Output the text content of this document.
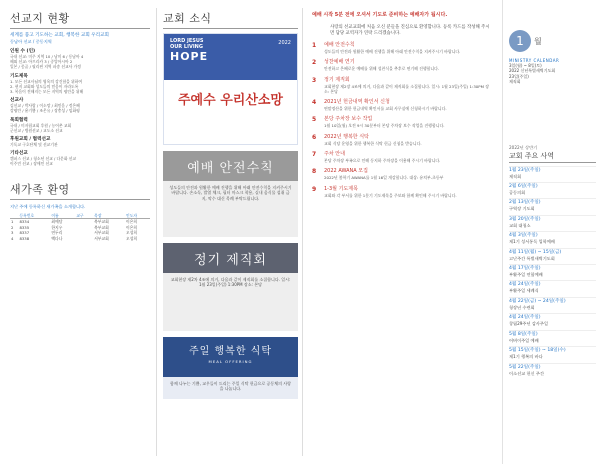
선교지 현황
세계를 품고 기도하는 교회, 행복한 교회 우리교회
동남아 선교 / 중동지역
인원 수 (인)
국내 선교: 미주 지역 10 / 남미 6 / 동남아 4
해외 선교: 아프리카 3 / 중앙아시아 2
일본 / 몽골 / 필리핀 지역 파송 선교사 가정
기도제목
1. 모든 선교사님의 영육의 강건함을 위하여
2. 현지 교회와 성도들의 믿음이 자라도록
3. 복음이 전해지는 모든 지역의 평안을 위해
선교사
김선교 / 박사랑 / 이소망 / 최믿음 / 정은혜
강평안 / 윤기쁨 / 조온유 / 장충성 / 임화평
목회협력
국내 / 미자립교회 후원 / 농어촌 교회
군선교 / 병원선교 / 교도소 선교
후원교회 / 협력선교
기독교 구호단체 및 선교기관
기타선교
캠퍼스 선교 / 청소년 선교 / 다문화 선교
이주민 선교 / 장애인 선교
새가족 환영
지난 주에 등록하신 새가족을 소개합니다.
	등록번호	이름	교구	목장	인도자
1	8334	최예담		북부교회	이은희
2	8335	한지우		북부교회	이은희
3	8337	연두리		서부교회	오성희
4	8338	백다나		서부교회	오성희
교회 소식
LORD JESUS
OUR LIVING
HOPE
2022
주예수 우리산소망
예배 안전수칙
성도들의 안전과 원활한 예배 진행을 위해 아래 안전수칙을 지켜주시기 바랍니다. 손소독, 발열 체크, 필터 마스크 착용, 실내 음식물 섭취 금지, 악수 대신 목례 부탁드립니다.
정기 제직회
교회현장 제2차 4조에 의거, 다음과 같이 제직회를 소집합니다. 일시: 1월 23일(주일) 1:30PM 장소: 본당
주일 행복한 식탁
MEAL OFFERING
함께 나누는 기쁨, 교우들이 드리는 주일 식탁 헌금으로 공동체의 사랑을 나눕니다.
예배 시작 5분 전에 오셔서 기도로 준비하는 예배자가 됩시다.
사랑의 선교교회에 처음 오신 분들을 진심으로 환영합니다. 등록 카드를 작성해 주시면 담당 교역자가 연락 드리겠습니다.
1	예배 안전수칙
성도들의 안전과 원활한 예배 진행을 위해 아래 안전수칙을 지켜주시기 바랍니다.
2	성찬예배 연기
안전하고 은혜로운 예배를 위해 성찬식을 추후로 연기해 진행합니다.
3	정기 제직회
교회현장 제2장 4조에 의거, 다음과 같이 제직회를 소집합니다. 일시: 1월 23일(주일) 1:30PM 장소: 본당
4	2021년 헌금내역 확인서 신청
연말정산을 위한 헌금내역 확인서를 교회 사무실에 신청하시기 바랍니다.
5	본당 주차장 보수 작업
1월 10일(월) 오전 9시 30분부터 본당 주차장 보수 작업을 진행합니다.
6	2022년 행복한 식탁
교회 식당 운영을 위한 행복한 식탁 헌금 신청을 받습니다.
7	주차 안내
본당 주차장 부족으로 인해 동지하 주차장을 이용해 주시기 바랍니다.
8	2022 AWANA 모집
2022년 봄학기 AWANA를 1월 16일 개강합니다. 대상: 유치부-초등부
9	1-3월 기도제목
교회와 각 부서를 위한 1분기 기도제목을 주보와 함께 확인해 주시기 바랍니다.
1	월
MINISTRY CALENDAR
3일(월) ~ 8일(토)
2022 신년특별새벽기도회
23일(주일)
제직회
2022년 상반기
교회 주요 사역
1월 23일(주일)
제직회
2월 6일(주일)
공동의회
2월 13일(주일)
구역장 기도회
3월 20일(주일)
교회 대청소
4월 3일(주일)
제1기 성서통독 입학예배
4월 11일(월) ~ 15일(금)
고난주간 특별새벽기도회
4월 17일(주일)
부활주일 연합예배
4월 24일(주일)
부활주일 세례식
4월 22일(금) ~ 24일(주일)
청장년 수련회
4월 24일(주일)
창립29주년 감사주일
5월 8일(주일)
어버이주일 예배
5월 15일(주일) ~ 18일(수)
제1기 행복의 바다
5월 22일(주일)
이소선교 헌신 주간
